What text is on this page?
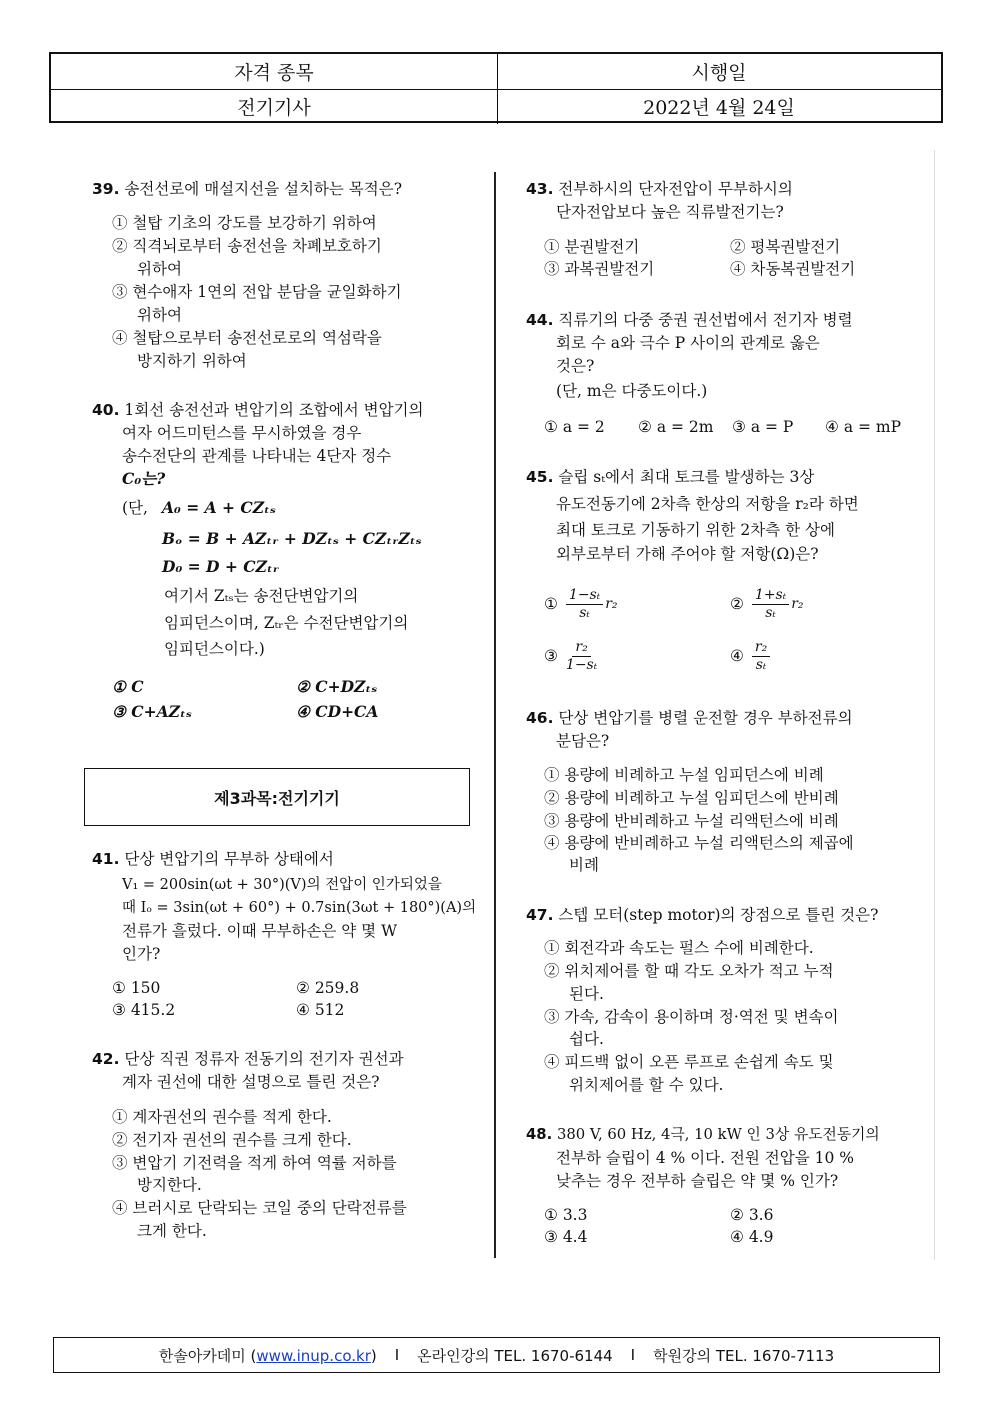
자격 종목	시행일
전기기사	2022년 4월 24일
39. 송전선로에 매설지선을 설치하는 목적은?
① 철탑 기초의 강도를 보강하기 위하여
② 직격뇌로부터 송전선을 차폐보호하기
위하여
③ 현수애자 1연의 전압 분담을 균일화하기
위하여
④ 철탑으로부터 송전선로로의 역섬락을
방지하기 위하여
40. 1회선 송전선과 변압기의 조합에서 변압기의
여자 어드미턴스를 무시하였을 경우
송수전단의 관계를 나타내는 4단자 정수
C₀는?
(단, A₀ = A + CZₜₛ
Bₒ = B + AZₜᵣ + DZₜₛ + CZₜᵣZₜₛ
D₀ = D + CZₜᵣ
여기서 Zₜₛ는 송전단변압기의
임피던스이며, Zₜᵣ은 수전단변압기의
임피던스이다.)
① C	② C+DZₜₛ
③ C+AZₜₛ	④ CD+CA
제3과목:전기기기
41. 단상 변압기의 무부하 상태에서
V₁ = 200sin(ωt + 30°)(V)의 전압이 인가되었을
때 Iₒ = 3sin(ωt + 60°) + 0.7sin(3ωt + 180°)(A)의
전류가 흘렀다. 이때 무부하손은 약 몇 W
인가?
① 150	② 259.8
③ 415.2	④ 512
42. 단상 직권 정류자 전동기의 전기자 권선과
계자 권선에 대한 설명으로 틀린 것은?
① 계자권선의 권수를 적게 한다.
② 전기자 권선의 권수를 크게 한다.
③ 변압기 기전력을 적게 하여 역률 저하를
방지한다.
④ 브러시로 단락되는 코일 중의 단락전류를
크게 한다.
43. 전부하시의 단자전압이 무부하시의
단자전압보다 높은 직류발전기는?
① 분권발전기	② 평복권발전기
③ 과복권발전기	④ 차동복권발전기
44. 직류기의 다중 중권 권선법에서 전기자 병렬
회로 수 a와 극수 P 사이의 관계로 옳은
것은?
(단, m은 다중도이다.)
① a = 2 ② a = 2m ③ a = P ④ a = mP
45. 슬립 sₜ에서 최대 토크를 발생하는 3상
유도전동기에 2차측 한상의 저항을 r₂라 하면
최대 토크로 기동하기 위한 2차측 한 상에
외부로부터 가해 주어야 할 저항(Ω)은?
① $\frac{\text{1−sₜ}}{\text{sₜ}} r_2$	② $\frac{\text{1+sₜ}}{\text{sₜ}} r_2$
③ $\frac{\text{r₂}}{\text{1−sₜ}}$	④ $\frac{\text{r₂}}{\text{sₜ}}$
46. 단상 변압기를 병렬 운전할 경우 부하전류의
분담은?
① 용량에 비례하고 누설 임피던스에 비례
② 용량에 비례하고 누설 임피던스에 반비례
③ 용량에 반비례하고 누설 리액턴스에 비례
④ 용량에 반비례하고 누설 리액턴스의 제곱에
비례
47. 스텝 모터(step motor)의 장점으로 틀린 것은?
① 회전각과 속도는 펄스 수에 비례한다.
② 위치제어를 할 때 각도 오차가 적고 누적
된다.
③ 가속, 감속이 용이하며 정·역전 및 변속이
쉽다.
④ 피드백 없이 오픈 루프로 손쉽게 속도 및
위치제어를 할 수 있다.
48. 380 V, 60 Hz, 4극, 10 kW 인 3상 유도전동기의
전부하 슬립이 4 % 이다. 전원 전압을 10 %
낮추는 경우 전부하 슬립은 약 몇 % 인가?
① 3.3	② 3.6
③ 4.4	④ 4.9
한솔아카데미 (www.inup.co.kr) I 온라인강의 TEL. 1670-6144 I 학원강의 TEL. 1670-7113
